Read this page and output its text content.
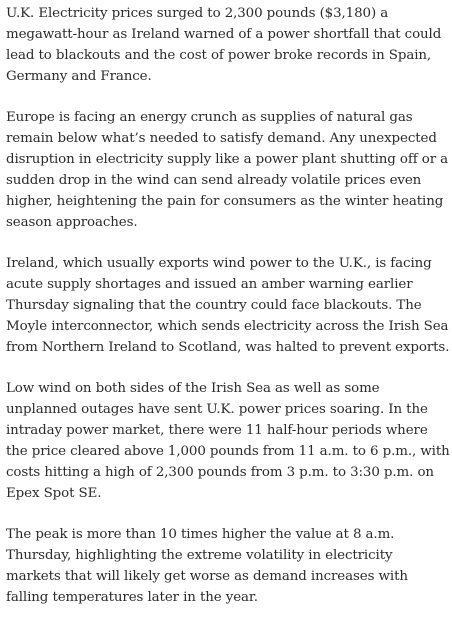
U.K. Electricity prices surged to 2,300 pounds ($3,180) a megawatt-hour as Ireland warned of a power shortfall that could lead to blackouts and the cost of power broke records in Spain, Germany and France.

Europe is facing an energy crunch as supplies of natural gas remain below what’s needed to satisfy demand. Any unexpected disruption in electricity supply like a power plant shutting off or a sudden drop in the wind can send already volatile prices even higher, heightening the pain for consumers as the winter heating season approaches.

Ireland, which usually exports wind power to the U.K., is facing acute supply shortages and issued an amber warning earlier Thursday signaling that the country could face blackouts. The Moyle interconnector, which sends electricity across the Irish Sea from Northern Ireland to Scotland, was halted to prevent exports.

Low wind on both sides of the Irish Sea as well as some unplanned outages have sent U.K. power prices soaring. In the intraday power market, there were 11 half-hour periods where the price cleared above 1,000 pounds from 11 a.m. to 6 p.m., with costs hitting a high of 2,300 pounds from 3 p.m. to 3:30 p.m. on Epex Spot SE.

The peak is more than 10 times higher the value at 8 a.m. Thursday, highlighting the extreme volatility in electricity markets that will likely get worse as demand increases with falling temperatures later in the year.
